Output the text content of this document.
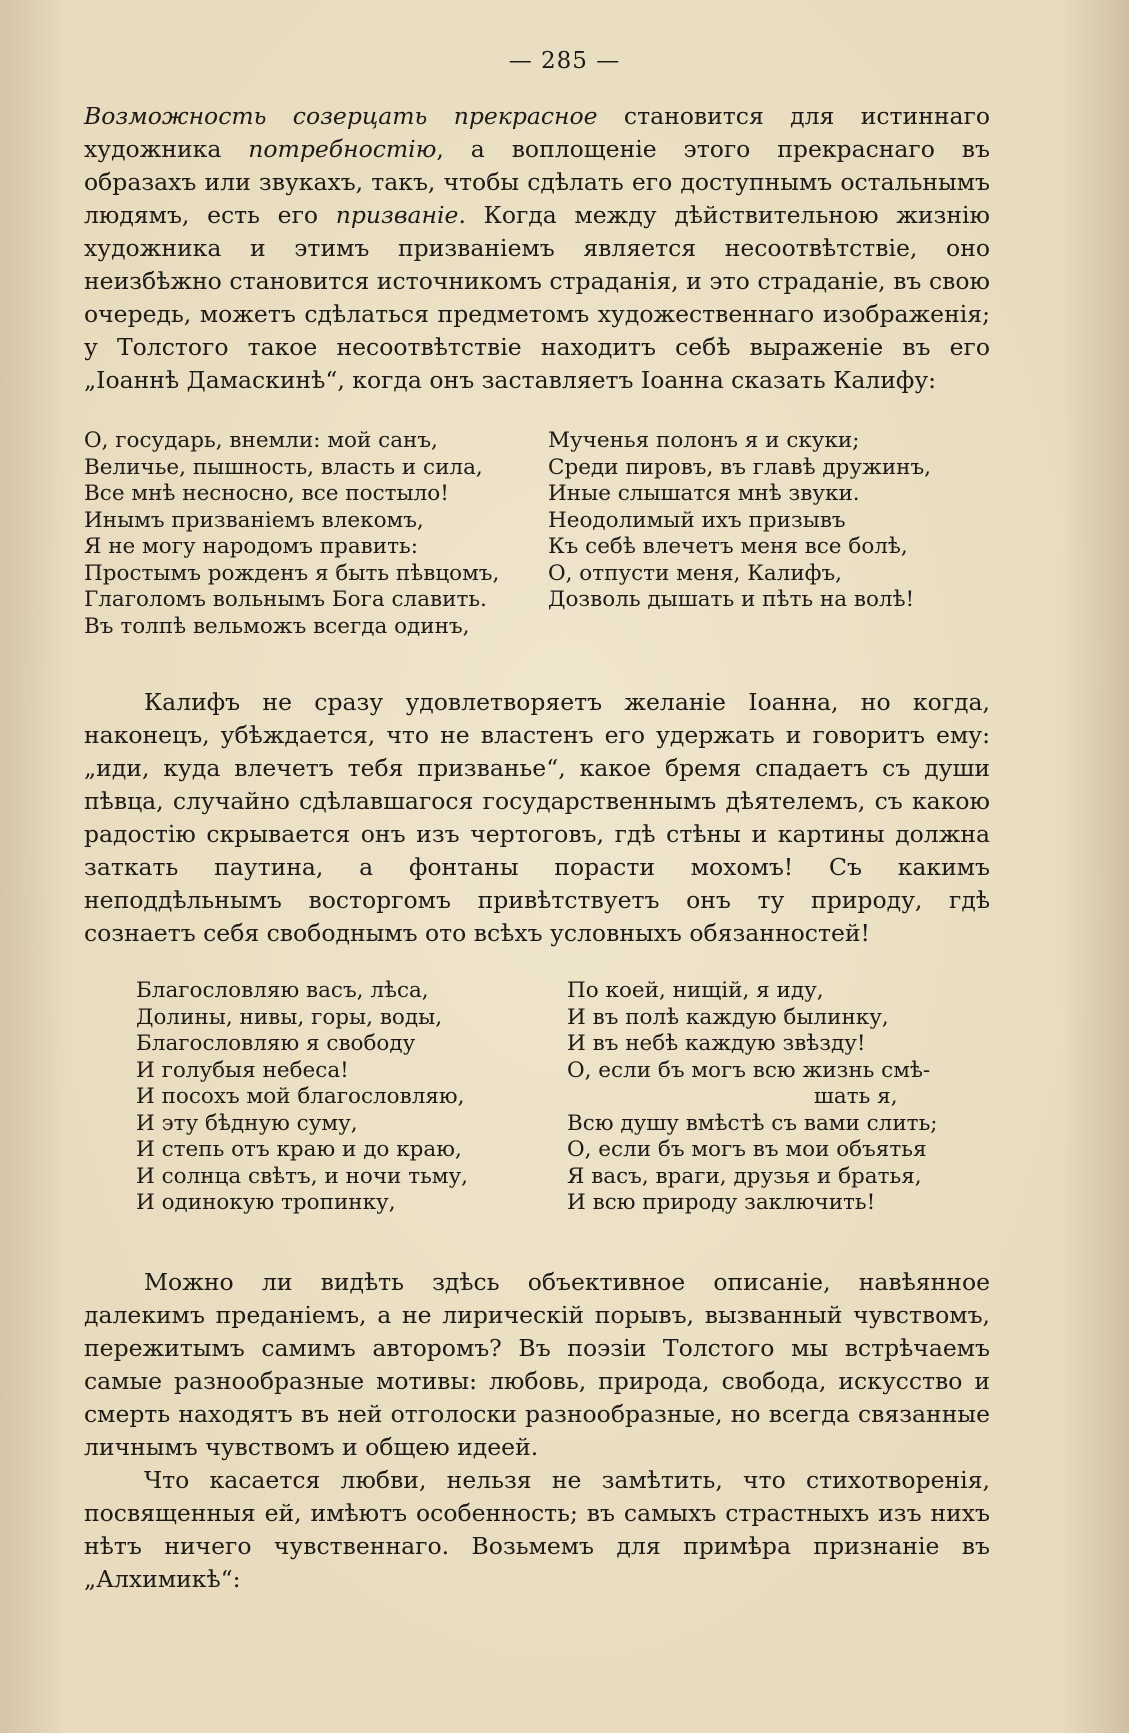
— 285 —

Возможность созерцать прекрасное становится для истиннаго художника потребностію, а воплощеніе этого прекраснаго въ образахъ или звукахъ, такъ, чтобы сдѣлать его доступнымъ остальнымъ людямъ, есть его призваніе. Когда между дѣйствительною жизнію художника и этимъ призваніемъ является несоотвѣтствіе, оно неизбѣжно становится источникомъ страданія, и это страданіе, въ свою очередь, можетъ сдѣлаться предметомъ художественнаго изображенія; у Толстого такое несоотвѣтствіе находитъ себѣ выраженіе въ его „Іоаннѣ Дамаскинѣ“, когда онъ заставляетъ Іоанна сказать Калифу:

О, государь, внемли: мой санъ,
Величье, пышность, власть и сила,
Все мнѣ несносно, все постыло!
Инымъ призваніемъ влекомъ,
Я не могу народомъ править:
Простымъ рожденъ я быть пѣвцомъ,
Глаголомъ вольнымъ Бога славить.
Въ толпѣ вельможъ всегда одинъ,
Мученья полонъ я и скуки;
Среди пировъ, въ главѣ дружинъ,
Иные слышатся мнѣ звуки.
Неодолимый ихъ призывъ
Къ себѣ влечетъ меня все болѣ,
О, отпусти меня, Калифъ,
Дозволь дышать и пѣть на волѣ!

Калифъ не сразу удовлетворяетъ желаніе Іоанна, но когда, наконецъ, убѣждается, что не властенъ его удержать и говоритъ ему: „иди, куда влечетъ тебя призванье“, какое бремя спадаетъ съ души пѣвца, случайно сдѣлавшагося государственнымъ дѣятелемъ, съ какою радостію скрывается онъ изъ чертоговъ, гдѣ стѣны и картины должна заткать паутина, а фонтаны порасти мохомъ! Съ какимъ неподдѣльнымъ восторгомъ привѣтствуетъ онъ ту природу, гдѣ сознаетъ себя свободнымъ ото всѣхъ условныхъ обязанностей!

Благословляю васъ, лѣса,
Долины, нивы, горы, воды,
Благословляю я свободу
И голубыя небеса!
И посохъ мой благословляю,
И эту бѣдную суму,
И степь отъ краю и до краю,
И солнца свѣтъ, и ночи тьму,
И одинокую тропинку,
По коей, нищій, я иду,
И въ полѣ каждую былинку,
И въ небѣ каждую звѣзду!
О, если бъ могъ всю жизнь смѣ-
шать я,
Всю душу вмѣстѣ съ вами слить;
О, если бъ могъ въ мои объятья
Я васъ, враги, друзья и братья,
И всю природу заключить!

Можно ли видѣть здѣсь объективное описаніе, навѣянное далекимъ преданіемъ, а не лирическій порывъ, вызванный чувствомъ, пережитымъ самимъ авторомъ? Въ поэзіи Толстого мы встрѣчаемъ самые разнообразные мотивы: любовь, природа, свобода, искусство и смерть находятъ въ ней отголоски разнообразные, но всегда связанные личнымъ чувствомъ и общею идеей.

Что касается любви, нельзя не замѣтить, что стихотворенія, посвященныя ей, имѣютъ особенность; въ самыхъ страстныхъ изъ нихъ нѣтъ ничего чувственнаго. Возьмемъ для примѣра признаніе въ „Алхимикѣ“:
